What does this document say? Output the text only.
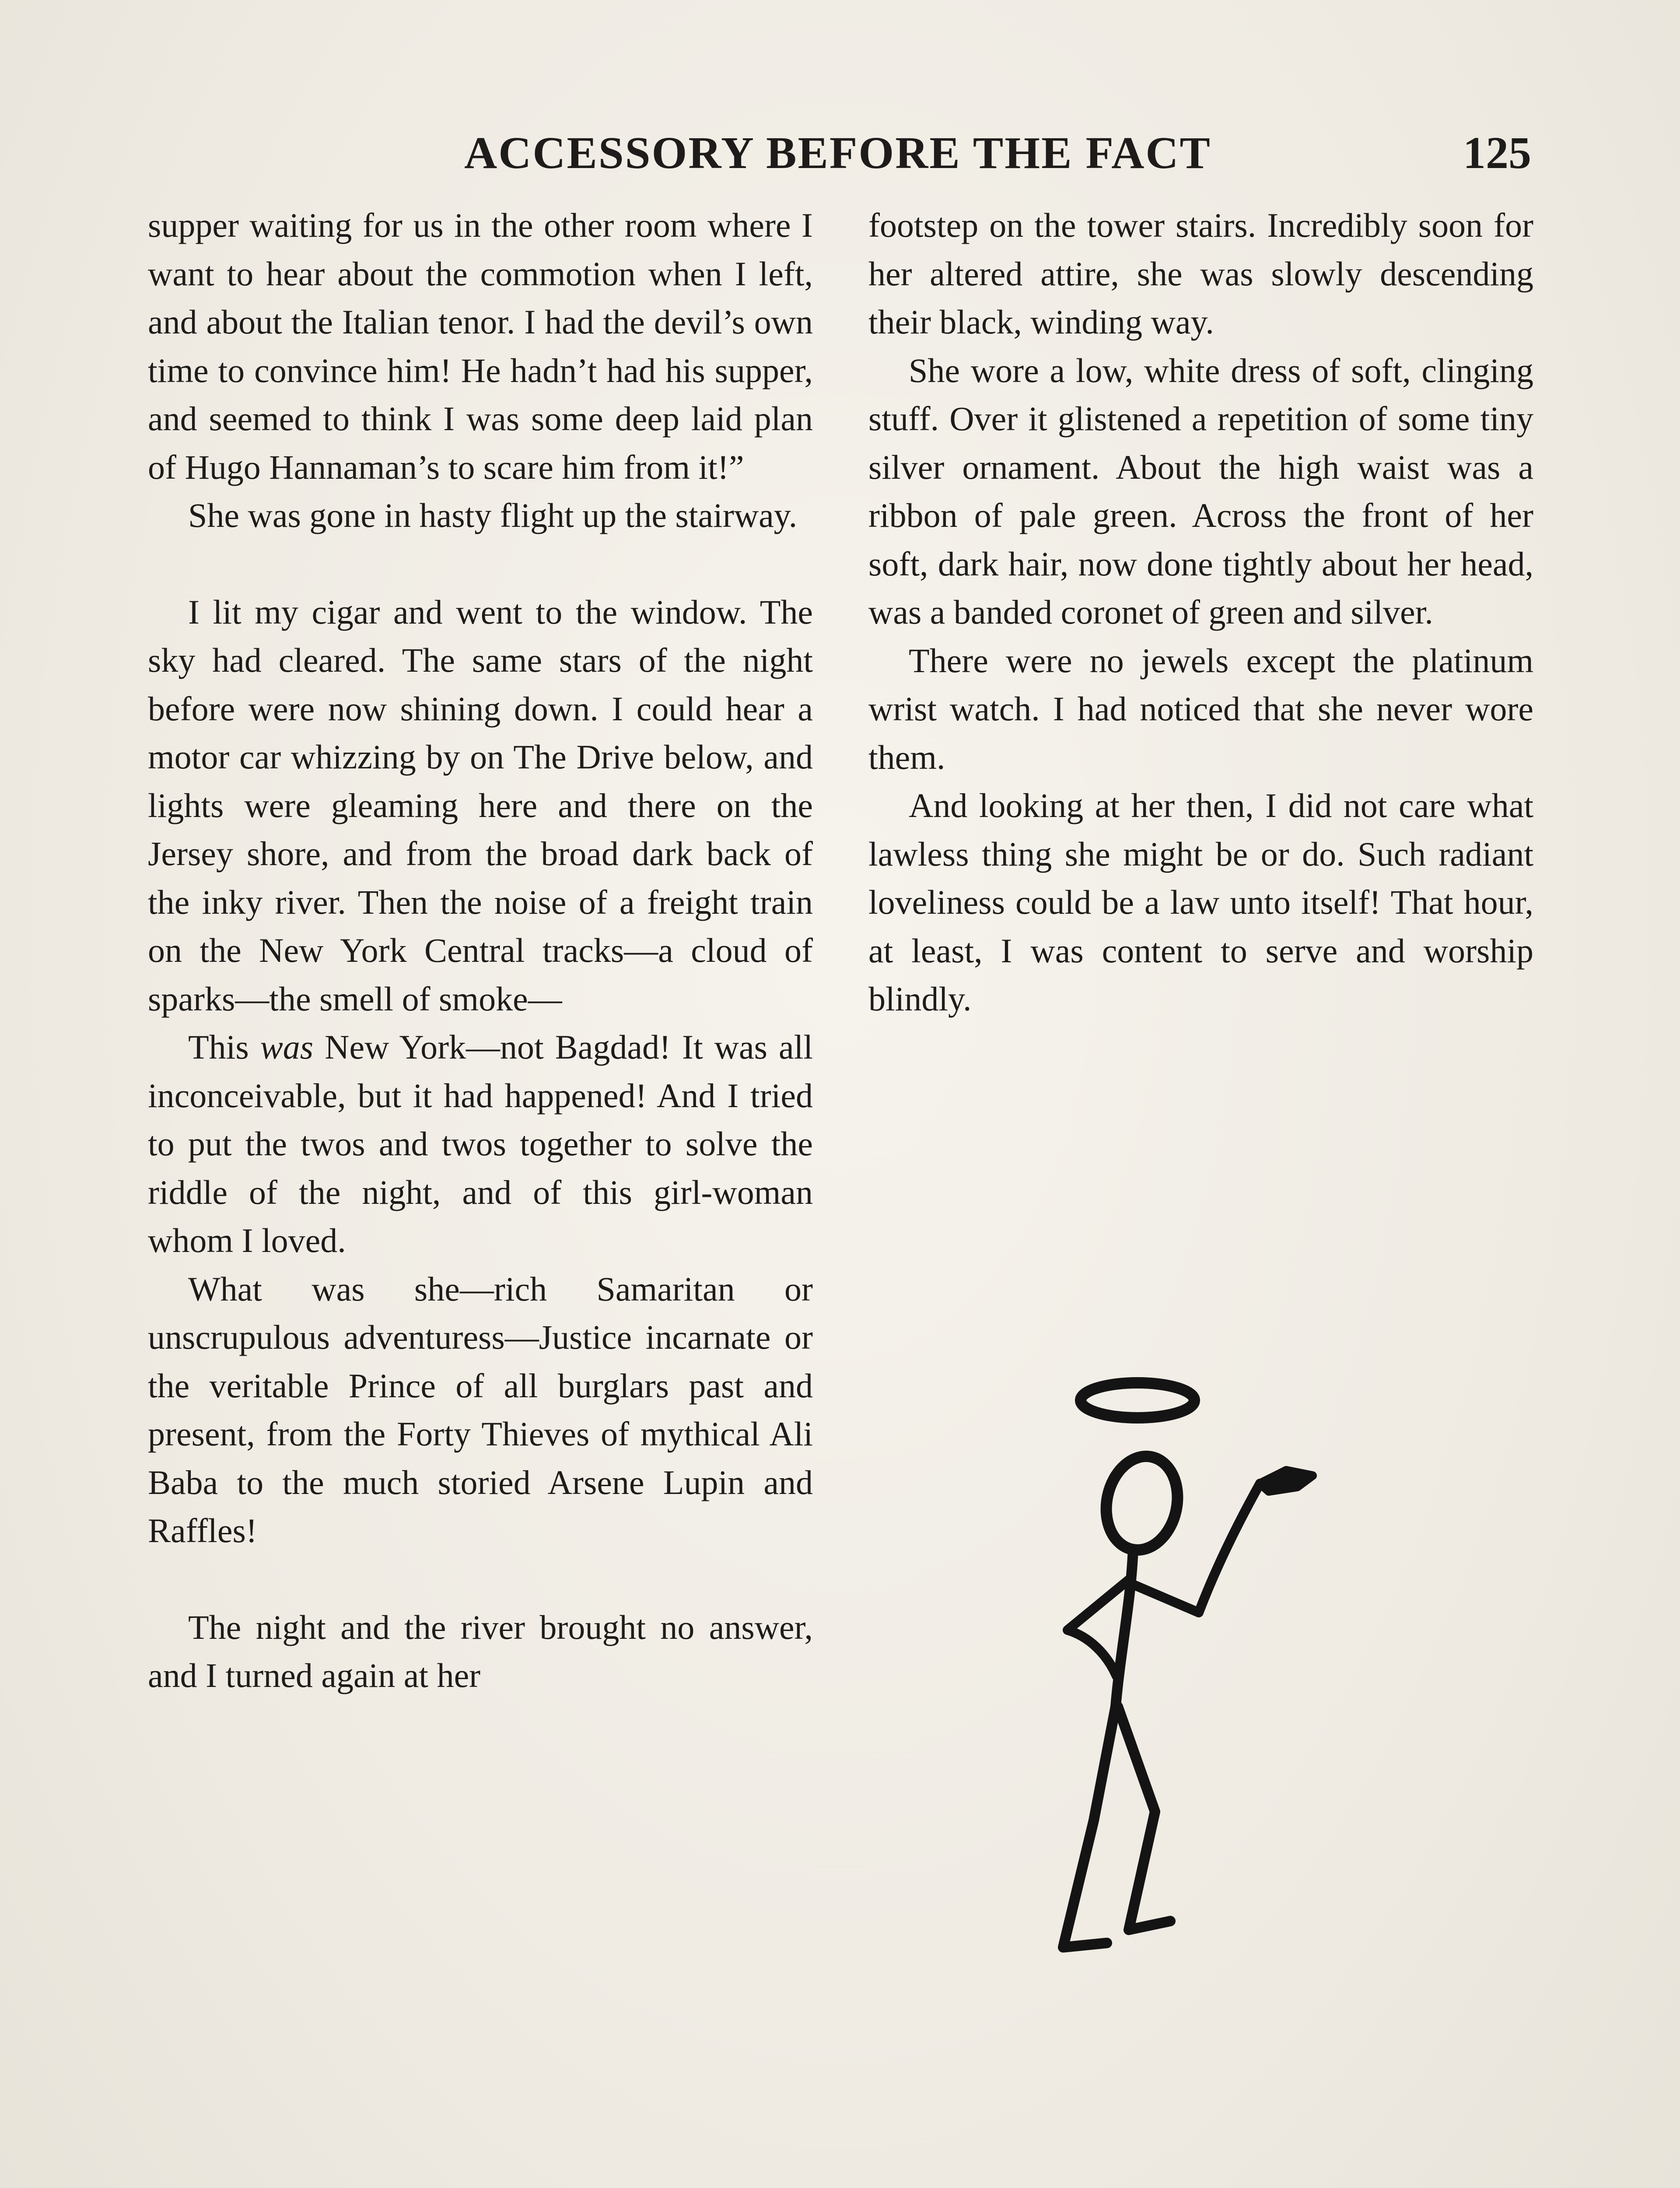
ACCESSORY BEFORE THE FACT	125

supper waiting for us in the other room where I want to hear about the commotion when I left, and about the Italian tenor. I had the devil’s own time to convince him! He hadn’t had his supper, and seemed to think I was some deep laid plan of Hugo Hannaman’s to scare him from it!”

She was gone in hasty flight up the stairway.

I lit my cigar and went to the window. The sky had cleared. The same stars of the night before were now shining down. I could hear a motor car whizzing by on The Drive below, and lights were gleaming here and there on the Jersey shore, and from the broad dark back of the inky river. Then the noise of a freight train on the New York Central tracks—a cloud of sparks—the smell of smoke—

This was New York—not Bagdad! It was all inconceivable, but it had happened! And I tried to put the twos and twos together to solve the riddle of the night, and of this girl-woman whom I loved.

What was she—rich Samaritan or unscrupulous adventuress—Justice incarnate or the veritable Prince of all burglars past and present, from the Forty Thieves of mythical Ali Baba to the much storied Arsene Lupin and Raffles!

The night and the river brought no answer, and I turned again at her

footstep on the tower stairs. Incredibly soon for her altered attire, she was slowly descending their black, winding way.

She wore a low, white dress of soft, clinging stuff. Over it glistened a repetition of some tiny silver ornament. About the high waist was a ribbon of pale green. Across the front of her soft, dark hair, now done tightly about her head, was a banded coronet of green and silver.

There were no jewels except the platinum wrist watch. I had noticed that she never wore them.

And looking at her then, I did not care what lawless thing she might be or do. Such radiant loveliness could be a law unto itself! That hour, at least, I was content to serve and worship blindly.
